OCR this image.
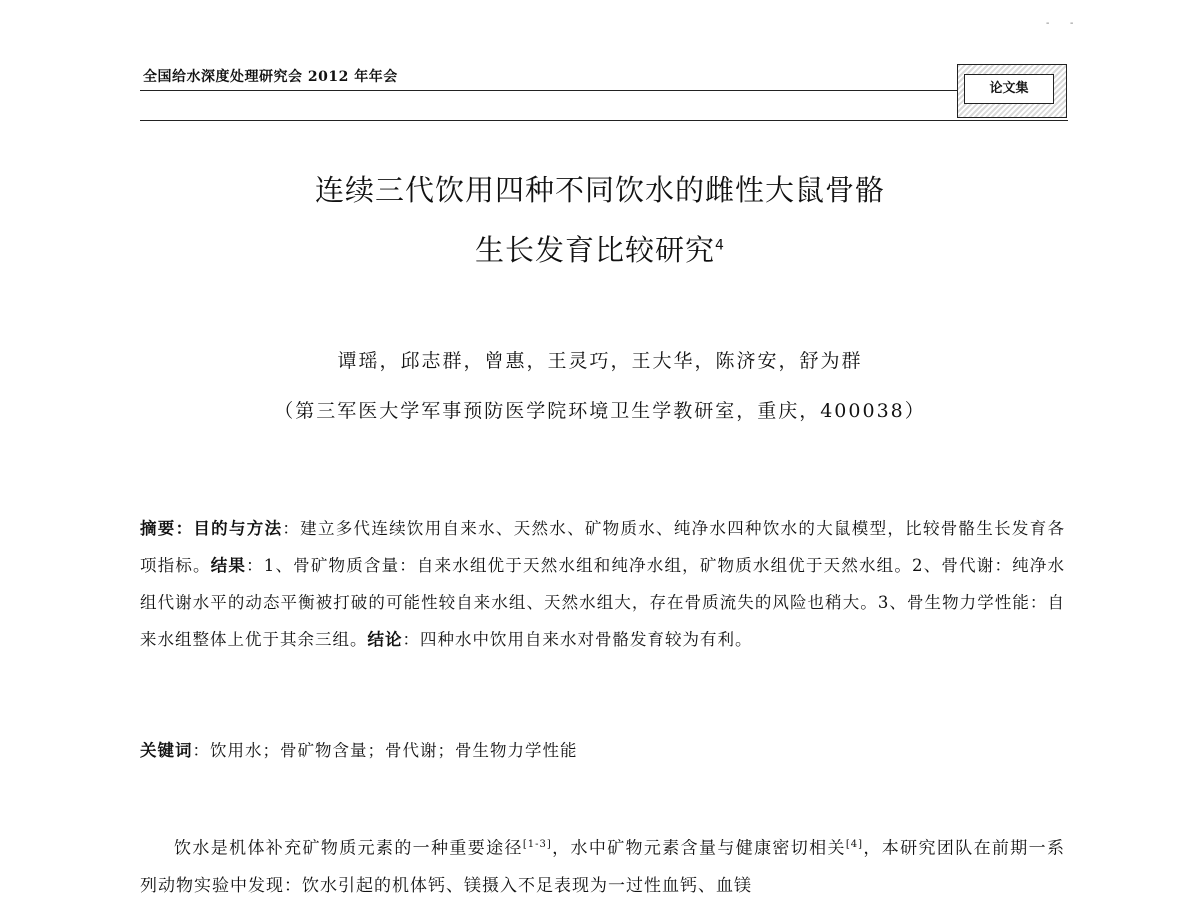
全国给水深度处理研究会 2012 年年会
论文集
连续三代饮用四种不同饮水的雌性大鼠骨骼
生长发育比较研究$^4$
谭瑶，邱志群，曾惠，王灵巧，王大华，陈济安，舒为群
（第三军医大学军事预防医学院环境卫生学教研室，重庆，400038）
摘要：目的与方法：建立多代连续饮用自来水、天然水、矿物质水、纯净水四种饮水的大鼠模型，比较骨骼生长发育各项指标。结果：1、骨矿物质含量：自来水组优于天然水组和纯净水组，矿物质水组优于天然水组。2、骨代谢：纯净水组代谢水平的动态平衡被打破的可能性较自来水组、天然水组大，存在骨质流失的风险也稍大。3、骨生物力学性能：自来水组整体上优于其余三组。结论：四种水中饮用自来水对骨骼发育较为有利。
关键词：饮用水；骨矿物含量；骨代谢；骨生物力学性能
饮水是机体补充矿物质元素的一种重要途径[1-3]，水中矿物元素含量与健康密切相关[4]，本研究团队在前期一系列动物实验中发现：饮水引起的机体钙、镁摄入不足表现为一过性血钙、血镁
- -
